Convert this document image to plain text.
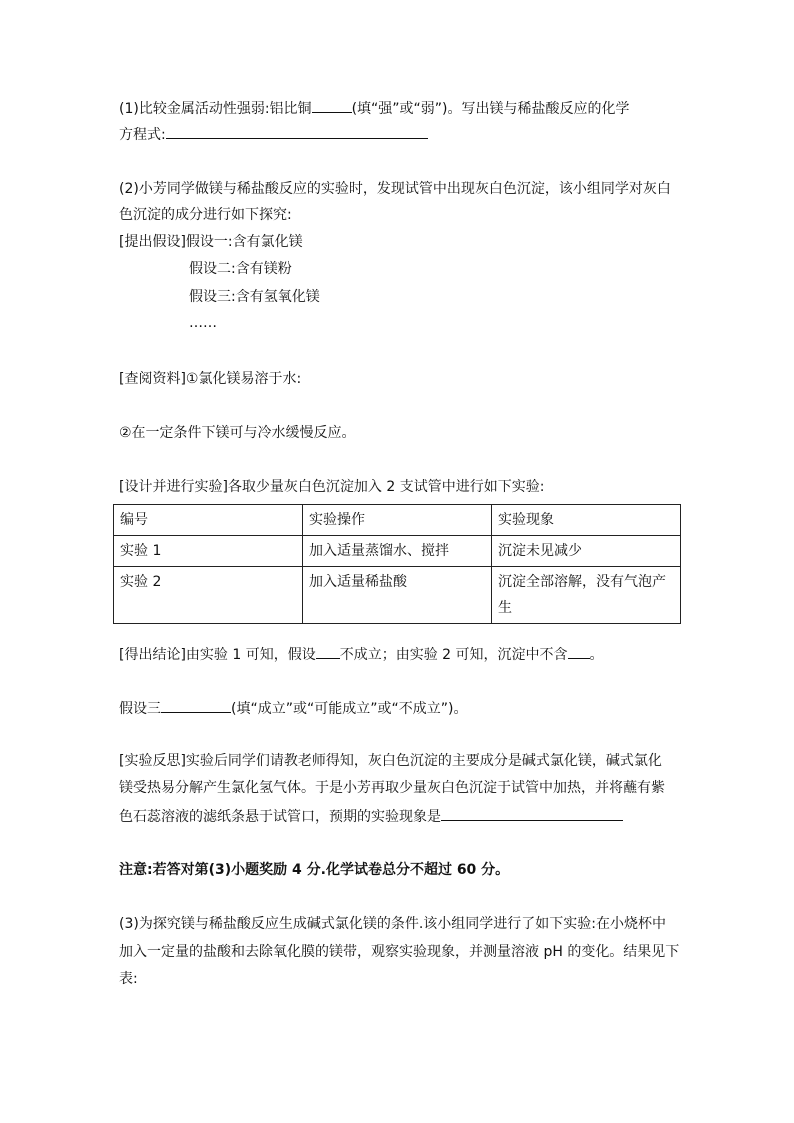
(1)比较金属活动性强弱:铝比铜	(填“强”或“弱”)。写出镁与稀盐酸反应的化学
方程式:
(2)小芳同学做镁与稀盐酸反应的实验时，发现试管中出现灰白色沉淀，该小组同学对灰白
色沉淀的成分进行如下探究:
[提出假设]假设一:含有氯化镁
假设二:含有镁粉
假设三:含有氢氧化镁
……
[查阅资料]①氯化镁易溶于水:
②在一定条件下镁可与冷水缓慢反应。
[设计并进行实验]各取少量灰白色沉淀加入 2 支试管中进行如下实验:
编号	实验操作	实验现象
实验 1	加入适量蒸馏水、搅拌	沉淀未见减少
实验 2	加入适量稀盐酸	沉淀全部溶解，没有气泡产生
[得出结论]由实验 1 可知，假设 不成立；由实验 2 可知，沉淀中不含 。
假设三	(填“成立”或“可能成立”或“不成立”)。
[实验反思]实验后同学们请教老师得知，灰白色沉淀的主要成分是碱式氯化镁，碱式氯化
镁受热易分解产生氯化氢气体。于是小芳再取少量灰白色沉淀于试管中加热，并将蘸有紫
色石蕊溶液的滤纸条悬于试管口，预期的实验现象是
注意:若答对第(3)小题奖励 4 分.化学试卷总分不超过 60 分。
(3)为探究镁与稀盐酸反应生成碱式氯化镁的条件.该小组同学进行了如下实验:在小烧杯中
加入一定量的盐酸和去除氧化膜的镁带，观察实验现象，并测量溶液 pH 的变化。结果见下
表:
